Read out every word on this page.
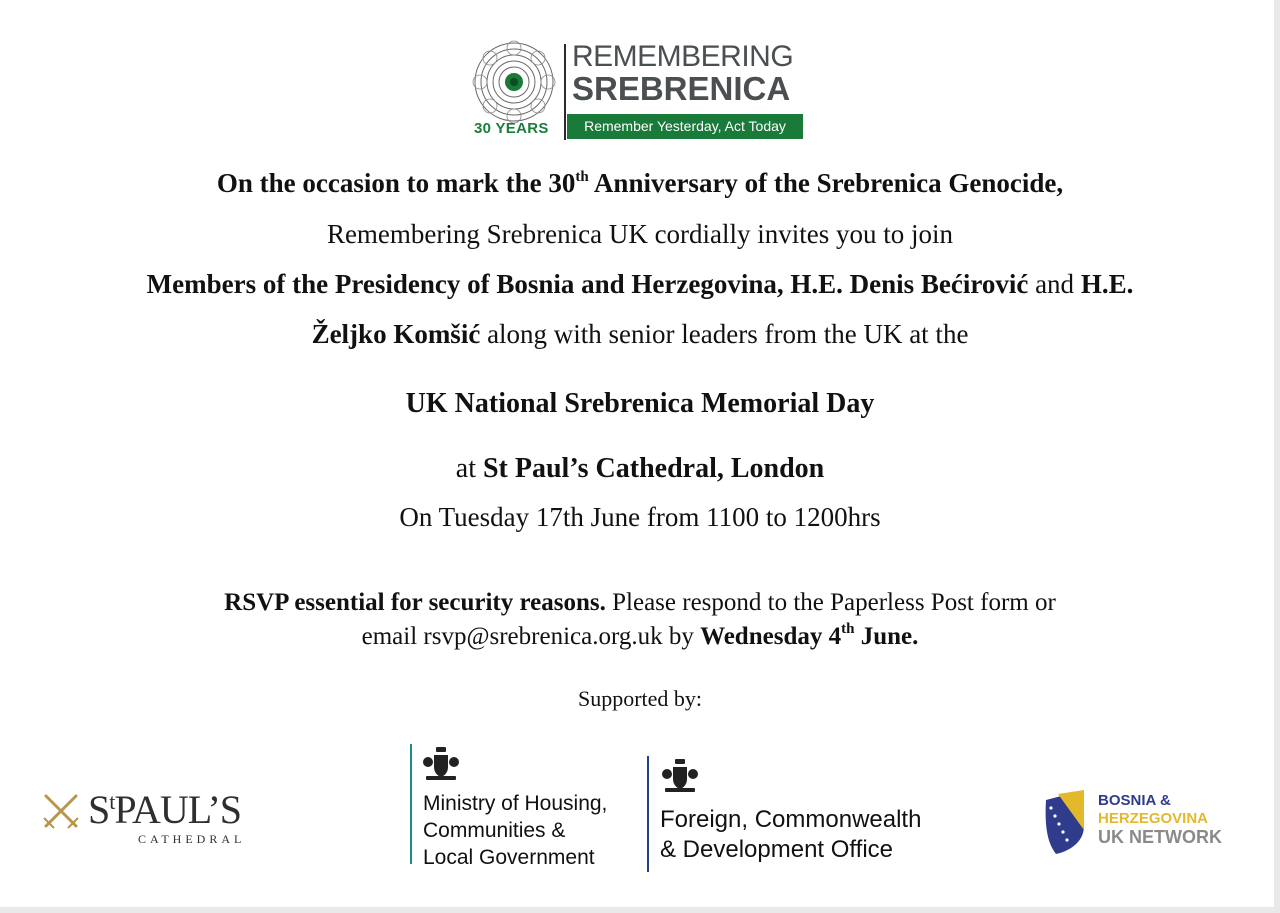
30 YEARS
REMEMBERING
SREBRENICA
Remember Yesterday, Act Today
On the occasion to mark the 30th Anniversary of the Srebrenica Genocide,
Remembering Srebrenica UK cordially invites you to join
Members of the Presidency of Bosnia and Herzegovina, H.E. Denis Bećirović and H.E.
Željko Komšić along with senior leaders from the UK at the
UK National Srebrenica Memorial Day
at St Paul’s Cathedral, London
On Tuesday 17th June from 1100 to 1200hrs
RSVP essential for security reasons. Please respond to the Paperless Post form or
email rsvp@srebrenica.org.uk by Wednesday 4th June.
Supported by:
$S^tPAUL’S$
CATHEDRAL
Ministry of Housing,
Communities &
Local Government
Foreign, Commonwealth
& Development Office
BOSNIA &
HERZEGOVINA
UK NETWORK
